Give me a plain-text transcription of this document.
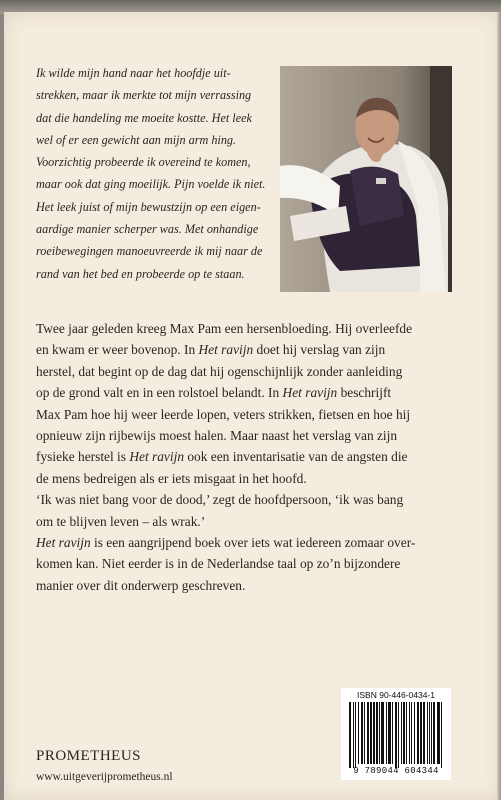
Ik wilde mijn hand naar het hoofdje uit-
strekken, maar ik merkte tot mijn verrassing
dat die handeling me moeite kostte. Het leek
wel of er een gewicht aan mijn arm hing.
Voorzichtig probeerde ik overeind te komen,
maar ook dat ging moeilijk. Pijn voelde ik niet.
Het leek juist of mijn bewustzijn op een eigen-
aardige manier scherper was. Met onhandige
roeibewegingen manoeuvreerde ik mij naar de
rand van het bed en probeerde op te staan.
Twee jaar geleden kreeg Max Pam een hersenbloeding. Hij overleefde
en kwam er weer bovenop. In Het ravijn doet hij verslag van zijn
herstel, dat begint op de dag dat hij ogenschijnlijk zonder aanleiding
op de grond valt en in een rolstoel belandt. In Het ravijn beschrijft
Max Pam hoe hij weer leerde lopen, veters strikken, fietsen en hoe hij
opnieuw zijn rijbewijs moest halen. Maar naast het verslag van zijn
fysieke herstel is Het ravijn ook een inventarisatie van de angsten die
de mens bedreigen als er iets misgaat in het hoofd.
‘Ik was niet bang voor de dood,’ zegt de hoofdpersoon, ‘ik was bang
om te blijven leven – als wrak.’
Het ravijn is een aangrijpend boek over iets wat iedereen zomaar over-
komen kan. Niet eerder is in de Nederlandse taal op zo’n bijzondere
manier over dit onderwerp geschreven.
ISBN 90-446-0434-1
9 789044 604344
PROMETHEUS
www.uitgeverijprometheus.nl
